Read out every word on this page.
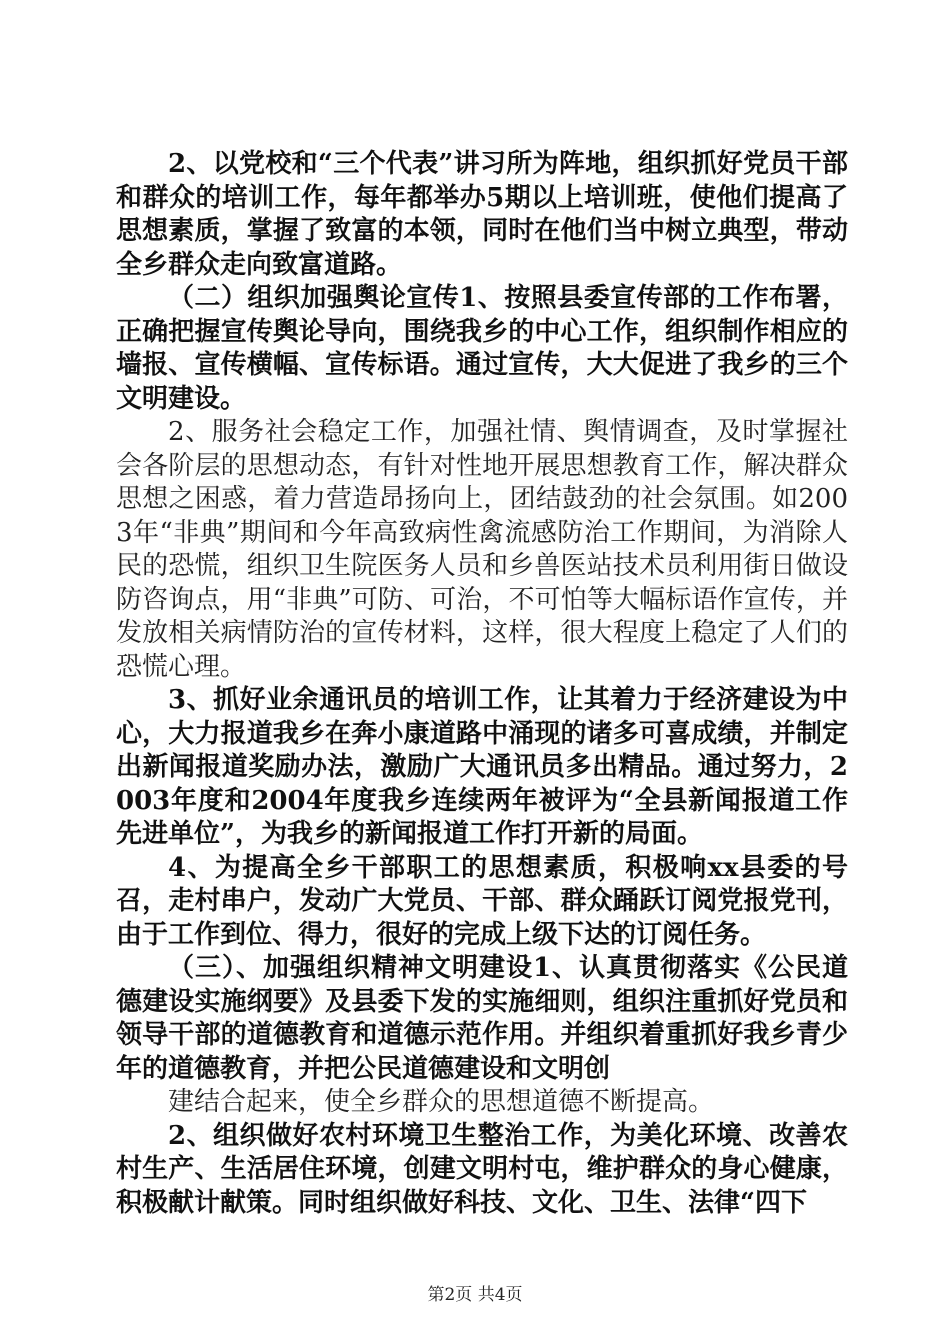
2、以党校和“三个代表”讲习所为阵地，组织抓好党员干部和群众的培训工作，每年都举办5期以上培训班，使他们提高了思想素质，掌握了致富的本领，同时在他们当中树立典型，带动全乡群众走向致富道路。

（二）组织加强舆论宣传1、按照县委宣传部的工作布署，正确把握宣传舆论导向，围绕我乡的中心工作，组织制作相应的墙报、宣传横幅、宣传标语。通过宣传，大大促进了我乡的三个文明建设。

2、服务社会稳定工作，加强社情、舆情调查，及时掌握社会各阶层的思想动态，有针对性地开展思想教育工作，解决群众思想之困惑，着力营造昂扬向上，团结鼓劲的社会氛围。如2003年“非典”期间和今年高致病性禽流感防治工作期间，为消除人民的恐慌，组织卫生院医务人员和乡兽医站技术员利用街日做设防咨询点，用“非典”可防、可治，不可怕等大幅标语作宣传，并发放相关病情防治的宣传材料，这样，很大程度上稳定了人们的恐慌心理。

3、抓好业余通讯员的培训工作，让其着力于经济建设为中心，大力报道我乡在奔小康道路中涌现的诸多可喜成绩，并制定出新闻报道奖励办法，激励广大通讯员多出精品。通过努力，2003年度和2004年度我乡连续两年被评为“全县新闻报道工作先进单位”，为我乡的新闻报道工作打开新的局面。

4、为提高全乡干部职工的思想素质，积极响xx县委的号召，走村串户，发动广大党员、干部、群众踊跃订阅党报党刊，由于工作到位、得力，很好的完成上级下达的订阅任务。

（三）、加强组织精神文明建设1、认真贯彻落实《公民道德建设实施纲要》及县委下发的实施细则，组织注重抓好党员和领导干部的道德教育和道德示范作用。并组织着重抓好我乡青少年的道德教育，并把公民道德建设和文明创

建结合起来，使全乡群众的思想道德不断提高。

2、组织做好农村环境卫生整治工作，为美化环境、改善农村生产、生活居住环境，创建文明村屯，维护群众的身心健康，积极献计献策。同时组织做好科技、文化、卫生、法律“四下

第2页 共4页
